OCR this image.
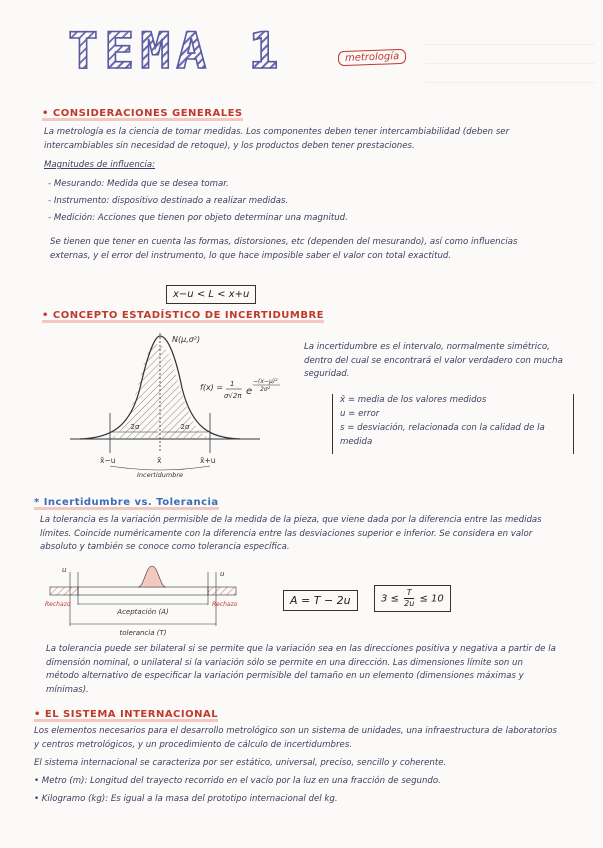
TEMA 1	metrología
• CONSIDERACIONES GENERALES
La metrología es la ciencia de tomar medidas. Los componentes deben tener intercambiabilidad (deben ser intercambiables sin necesidad de retoque), y los productos deben tener prestaciones.
Magnitudes de influencia:
- Mesurando: Medida que se desea tomar.
- Instrumento: dispositivo destinado a realizar medidas.
- Medición: Acciones que tienen por objeto determinar una magnitud.
Se tienen que tener en cuenta las formas, distorsiones, etc (dependen del mesurando), así como influencias externas, y el error del instrumento, lo que hace imposible saber el valor con total exactitud.
x−u < L < x+u
• CONCEPTO ESTADÍSTICO DE INCERTIDUMBRE
2σ	2σ
N(μ,σ²)
x̄−u	x̄	x̄+u
Incertidumbre
f(x) = 1
σ√2π e
−(x−μ)²
2σ²
La incertidumbre es el intervalo, normalmente simétrico, dentro del cual se encontrará el valor verdadero con mucha seguridad.
x̄ = media de los valores medidos
u = error
s = desviación, relacionada con la calidad de la medida
* Incertidumbre vs. Tolerancia
La tolerancia es la variación permisible de la medida de la pieza, que viene dada por la diferencia entre las medidas límites. Coincide numéricamente con la diferencia entre las desviaciones superior e inferior. Se considera en valor absoluto y también se conoce como tolerancia específica.
u	u
Aceptación (A)
tolerancia (T)
Rechazo	Rechazo	A = T − 2u	$3 \le \frac{T}{2u} \le 10$
La tolerancia puede ser bilateral si se permite que la variación sea en las direcciones positiva y negativa a partir de la dimensión nominal, o unilateral si la variación sólo se permite en una dirección. Las dimensiones límite son un método alternativo de especificar la variación permisible del tamaño en un elemento (dimensiones máximas y mínimas).
• EL SISTEMA INTERNACIONAL
Los elementos necesarios para el desarrollo metrológico son un sistema de unidades, una infraestructura de laboratorios y centros metrológicos, y un procedimiento de cálculo de incertidumbres.
El sistema internacional se caracteriza por ser estático, universal, preciso, sencillo y coherente.
• Metro (m): Longitud del trayecto recorrido en el vacío por la luz en una fracción de segundo.
• Kilogramo (kg): Es igual a la masa del prototipo internacional del kg.
